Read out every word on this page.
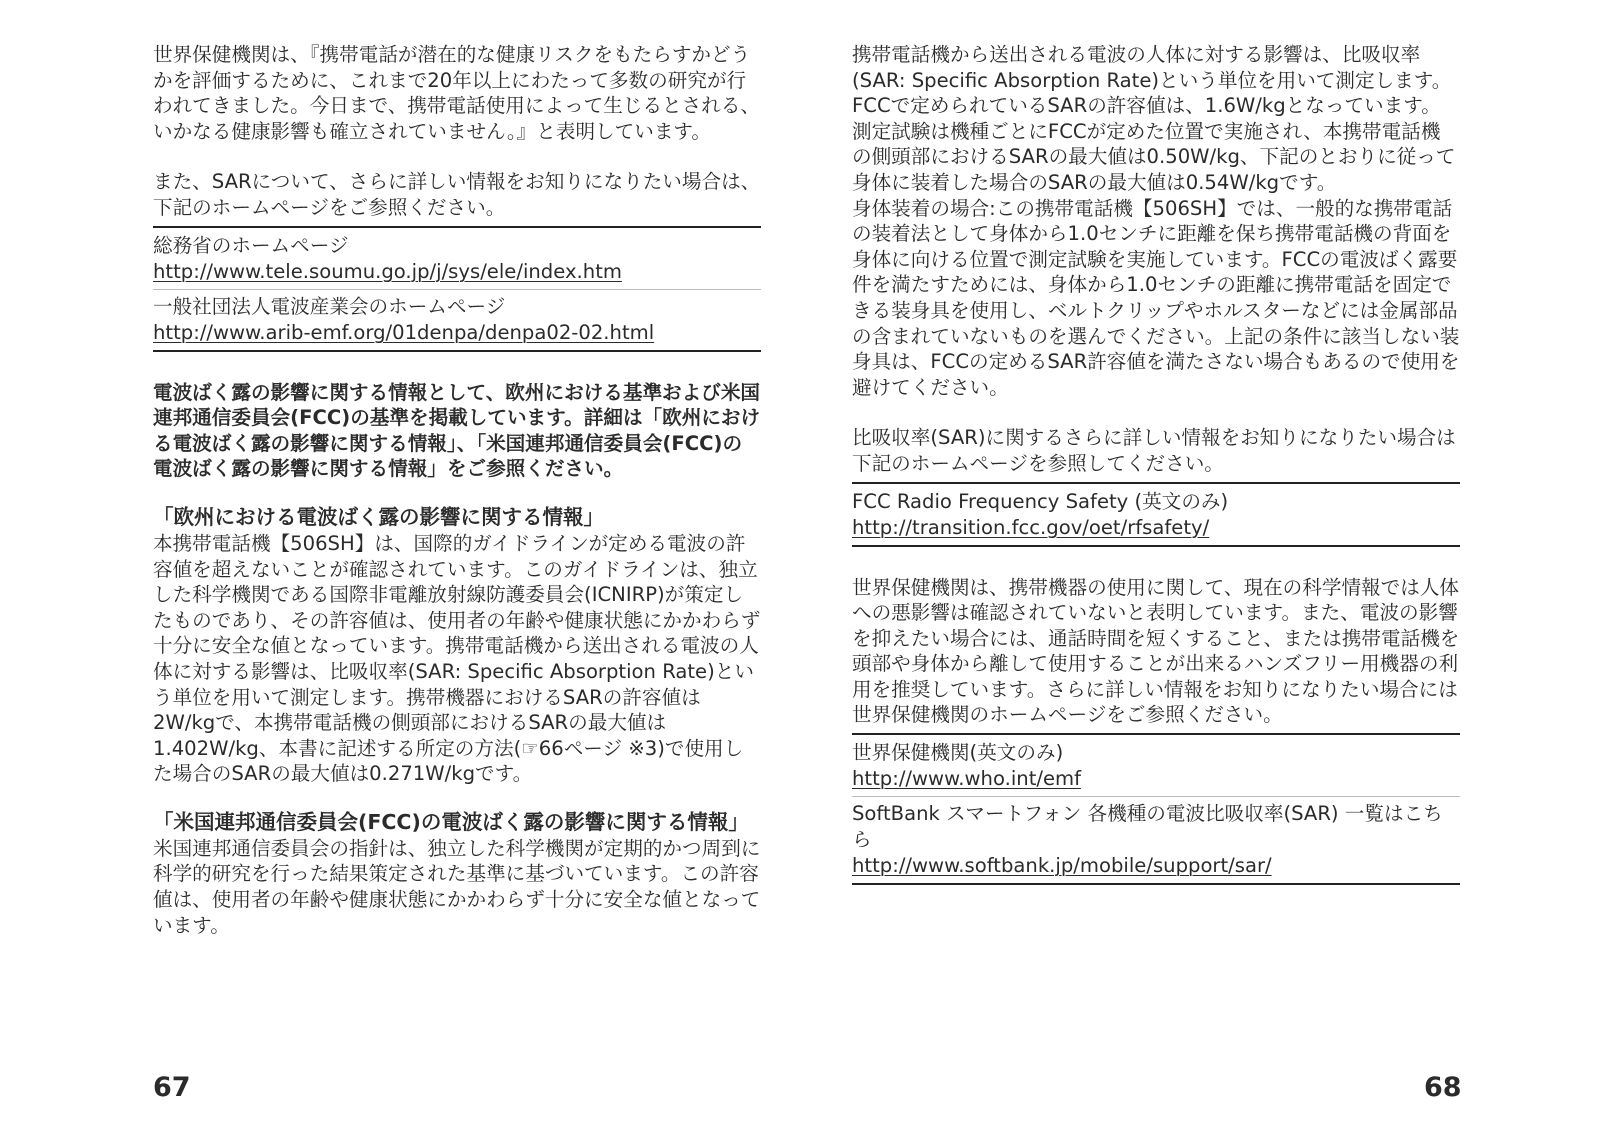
世界保健機関は、『携帯電話が潜在的な健康リスクをもたらすかどうかを評価するために、これまで20年以上にわたって多数の研究が行われてきました。今日まで、携帯電話使用によって生じるとされる、いかなる健康影響も確立されていません。』と表明しています。

また、SARについて、さらに詳しい情報をお知りになりたい場合は、下記のホームページをご参照ください。

総務省のホームページ

http://www.tele.soumu.go.jp/j/sys/ele/index.htm

一般社団法人電波産業会のホームページ

http://www.arib-emf.org/01denpa/denpa02-02.html

電波ばく露の影響に関する情報として、欧州における基準および米国連邦通信委員会(FCC)の基準を掲載しています。詳細は「欧州における電波ばく露の影響に関する情報」、「米国連邦通信委員会(FCC)の電波ばく露の影響に関する情報」をご参照ください。

「欧州における電波ばく露の影響に関する情報」

本携帯電話機【506SH】は、国際的ガイドラインが定める電波の許容値を超えないことが確認されています。このガイドラインは、独立した科学機関である国際非電離放射線防護委員会(ICNIRP)が策定したものであり、その許容値は、使用者の年齢や健康状態にかかわらず十分に安全な値となっています。携帯電話機から送出される電波の人体に対する影響は、比吸収率(SAR: Specific Absorption Rate)という単位を用いて測定します。携帯機器におけるSARの許容値は2W/kgで、本携帯電話機の側頭部におけるSARの最大値は1.402W/kg、本書に記述する所定の方法(☞66ページ ※3)で使用した場合のSARの最大値は0.271W/kgです。

「米国連邦通信委員会(FCC)の電波ばく露の影響に関する情報」

米国連邦通信委員会の指針は、独立した科学機関が定期的かつ周到に科学的研究を行った結果策定された基準に基づいています。この許容値は、使用者の年齢や健康状態にかかわらず十分に安全な値となっています。

携帯電話機から送出される電波の人体に対する影響は、比吸収率(SAR: Specific Absorption Rate)という単位を用いて測定します。FCCで定められているSARの許容値は、1.6W/kgとなっています。

測定試験は機種ごとにFCCが定めた位置で実施され、本携帯電話機の側頭部におけるSARの最大値は0.50W/kg、下記のとおりに従って身体に装着した場合のSARの最大値は0.54W/kgです。

身体装着の場合:この携帯電話機【506SH】では、一般的な携帯電話の装着法として身体から1.0センチに距離を保ち携帯電話機の背面を身体に向ける位置で測定試験を実施しています。FCCの電波ばく露要件を満たすためには、身体から1.0センチの距離に携帯電話を固定できる装身具を使用し、ベルトクリップやホルスターなどには金属部品の含まれていないものを選んでください。上記の条件に該当しない装身具は、FCCの定めるSAR許容値を満たさない場合もあるので使用を避けてください。

比吸収率(SAR)に関するさらに詳しい情報をお知りになりたい場合は下記のホームページを参照してください。

FCC Radio Frequency Safety (英文のみ)

http://transition.fcc.gov/oet/rfsafety/

世界保健機関は、携帯機器の使用に関して、現在の科学情報では人体への悪影響は確認されていないと表明しています。また、電波の影響を抑えたい場合には、通話時間を短くすること、または携帯電話機を頭部や身体から離して使用することが出来るハンズフリー用機器の利用を推奨しています。さらに詳しい情報をお知りになりたい場合には世界保健機関のホームページをご参照ください。

世界保健機関(英文のみ)

http://www.who.int/emf

SoftBank スマートフォン 各機種の電波比吸収率(SAR) 一覧はこちら

http://www.softbank.jp/mobile/support/sar/

67	68
